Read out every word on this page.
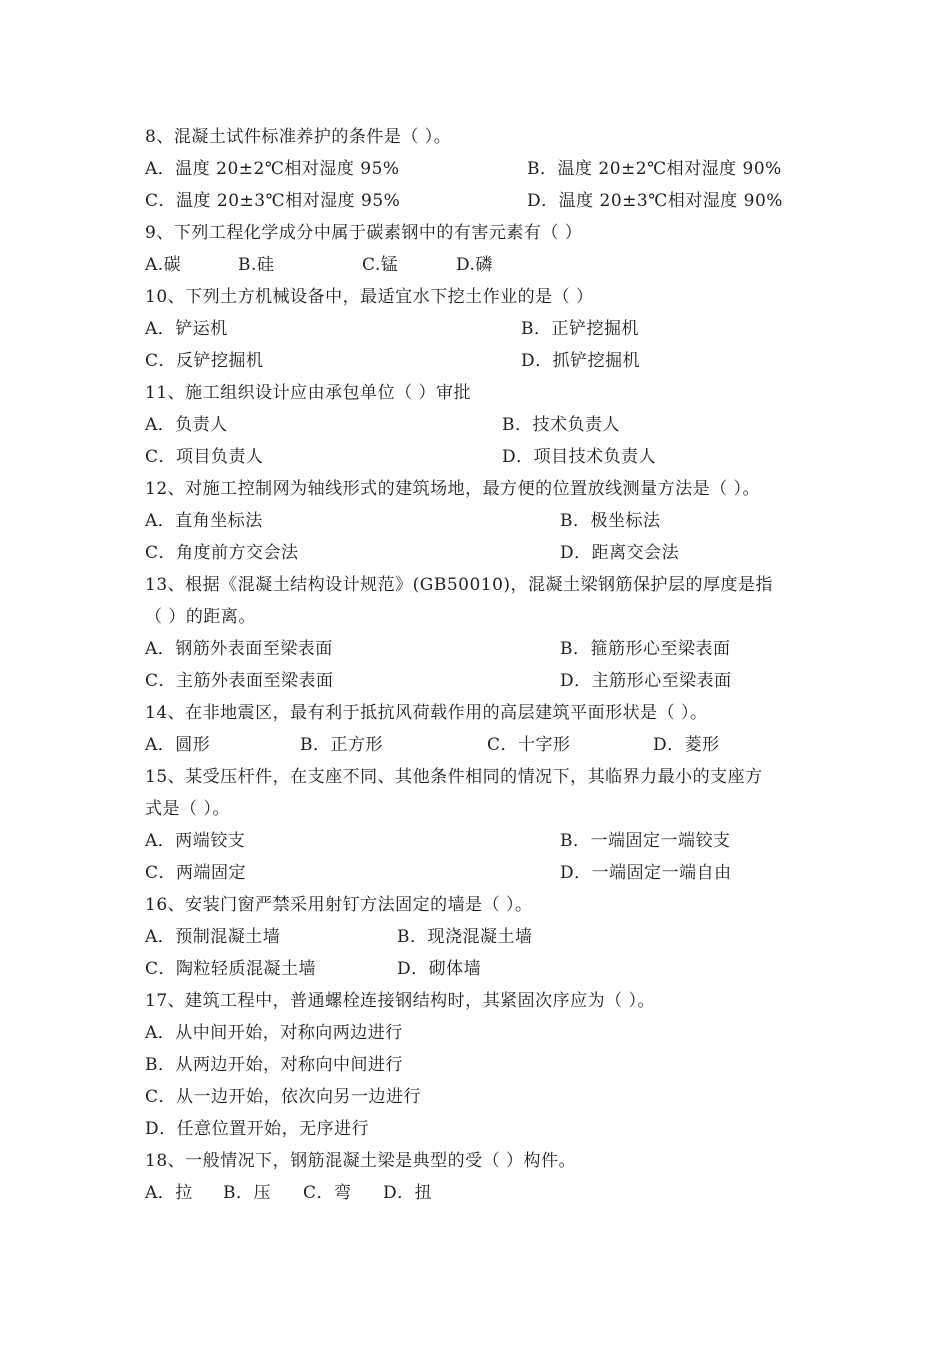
8、混凝土试件标准养护的条件是（ ）。
A．温度 20±2℃相对湿度 95%	B．温度 20±2℃相对湿度 90%
C．温度 20±3℃相对湿度 95%	D．温度 20±3℃相对湿度 90%
9、下列工程化学成分中属于碳素钢中的有害元素有（ ）
A.碳	B.硅	C.锰	D.磷
10、下列土方机械设备中，最适宜水下挖土作业的是（ ）
A．铲运机	B．正铲挖掘机
C．反铲挖掘机	D．抓铲挖掘机
11、施工组织设计应由承包单位（ ）审批
A．负责人	B．技术负责人
C．项目负责人	D．项目技术负责人
12、对施工控制网为轴线形式的建筑场地，最方便的位置放线测量方法是（ ）。
A．直角坐标法	B．极坐标法
C．角度前方交会法	D．距离交会法
13、根据《混凝土结构设计规范》(GB50010)，混凝土梁钢筋保护层的厚度是指
（ ）的距离。
A．钢筋外表面至梁表面	B．箍筋形心至梁表面
C．主筋外表面至梁表面	D．主筋形心至梁表面
14、在非地震区，最有利于抵抗风荷载作用的高层建筑平面形状是（ ）。
A．圆形	B．正方形	C．十字形	D．菱形
15、某受压杆件，在支座不同、其他条件相同的情况下，其临界力最小的支座方
式是（ ）。
A．两端铰支	B．一端固定一端铰支
C．两端固定	D．一端固定一端自由
16、安装门窗严禁采用射钉方法固定的墙是（ ）。
A．预制混凝土墙	B．现浇混凝土墙
C．陶粒轻质混凝土墙	D．砌体墙
17、建筑工程中，普通螺栓连接钢结构时，其紧固次序应为（ ）。
A．从中间开始，对称向两边进行
B．从两边开始，对称向中间进行
C．从一边开始，依次向另一边进行
D．任意位置开始，无序进行
18、一般情况下，钢筋混凝土梁是典型的受（ ）构件。
A．拉 B．压 C．弯 D．扭
